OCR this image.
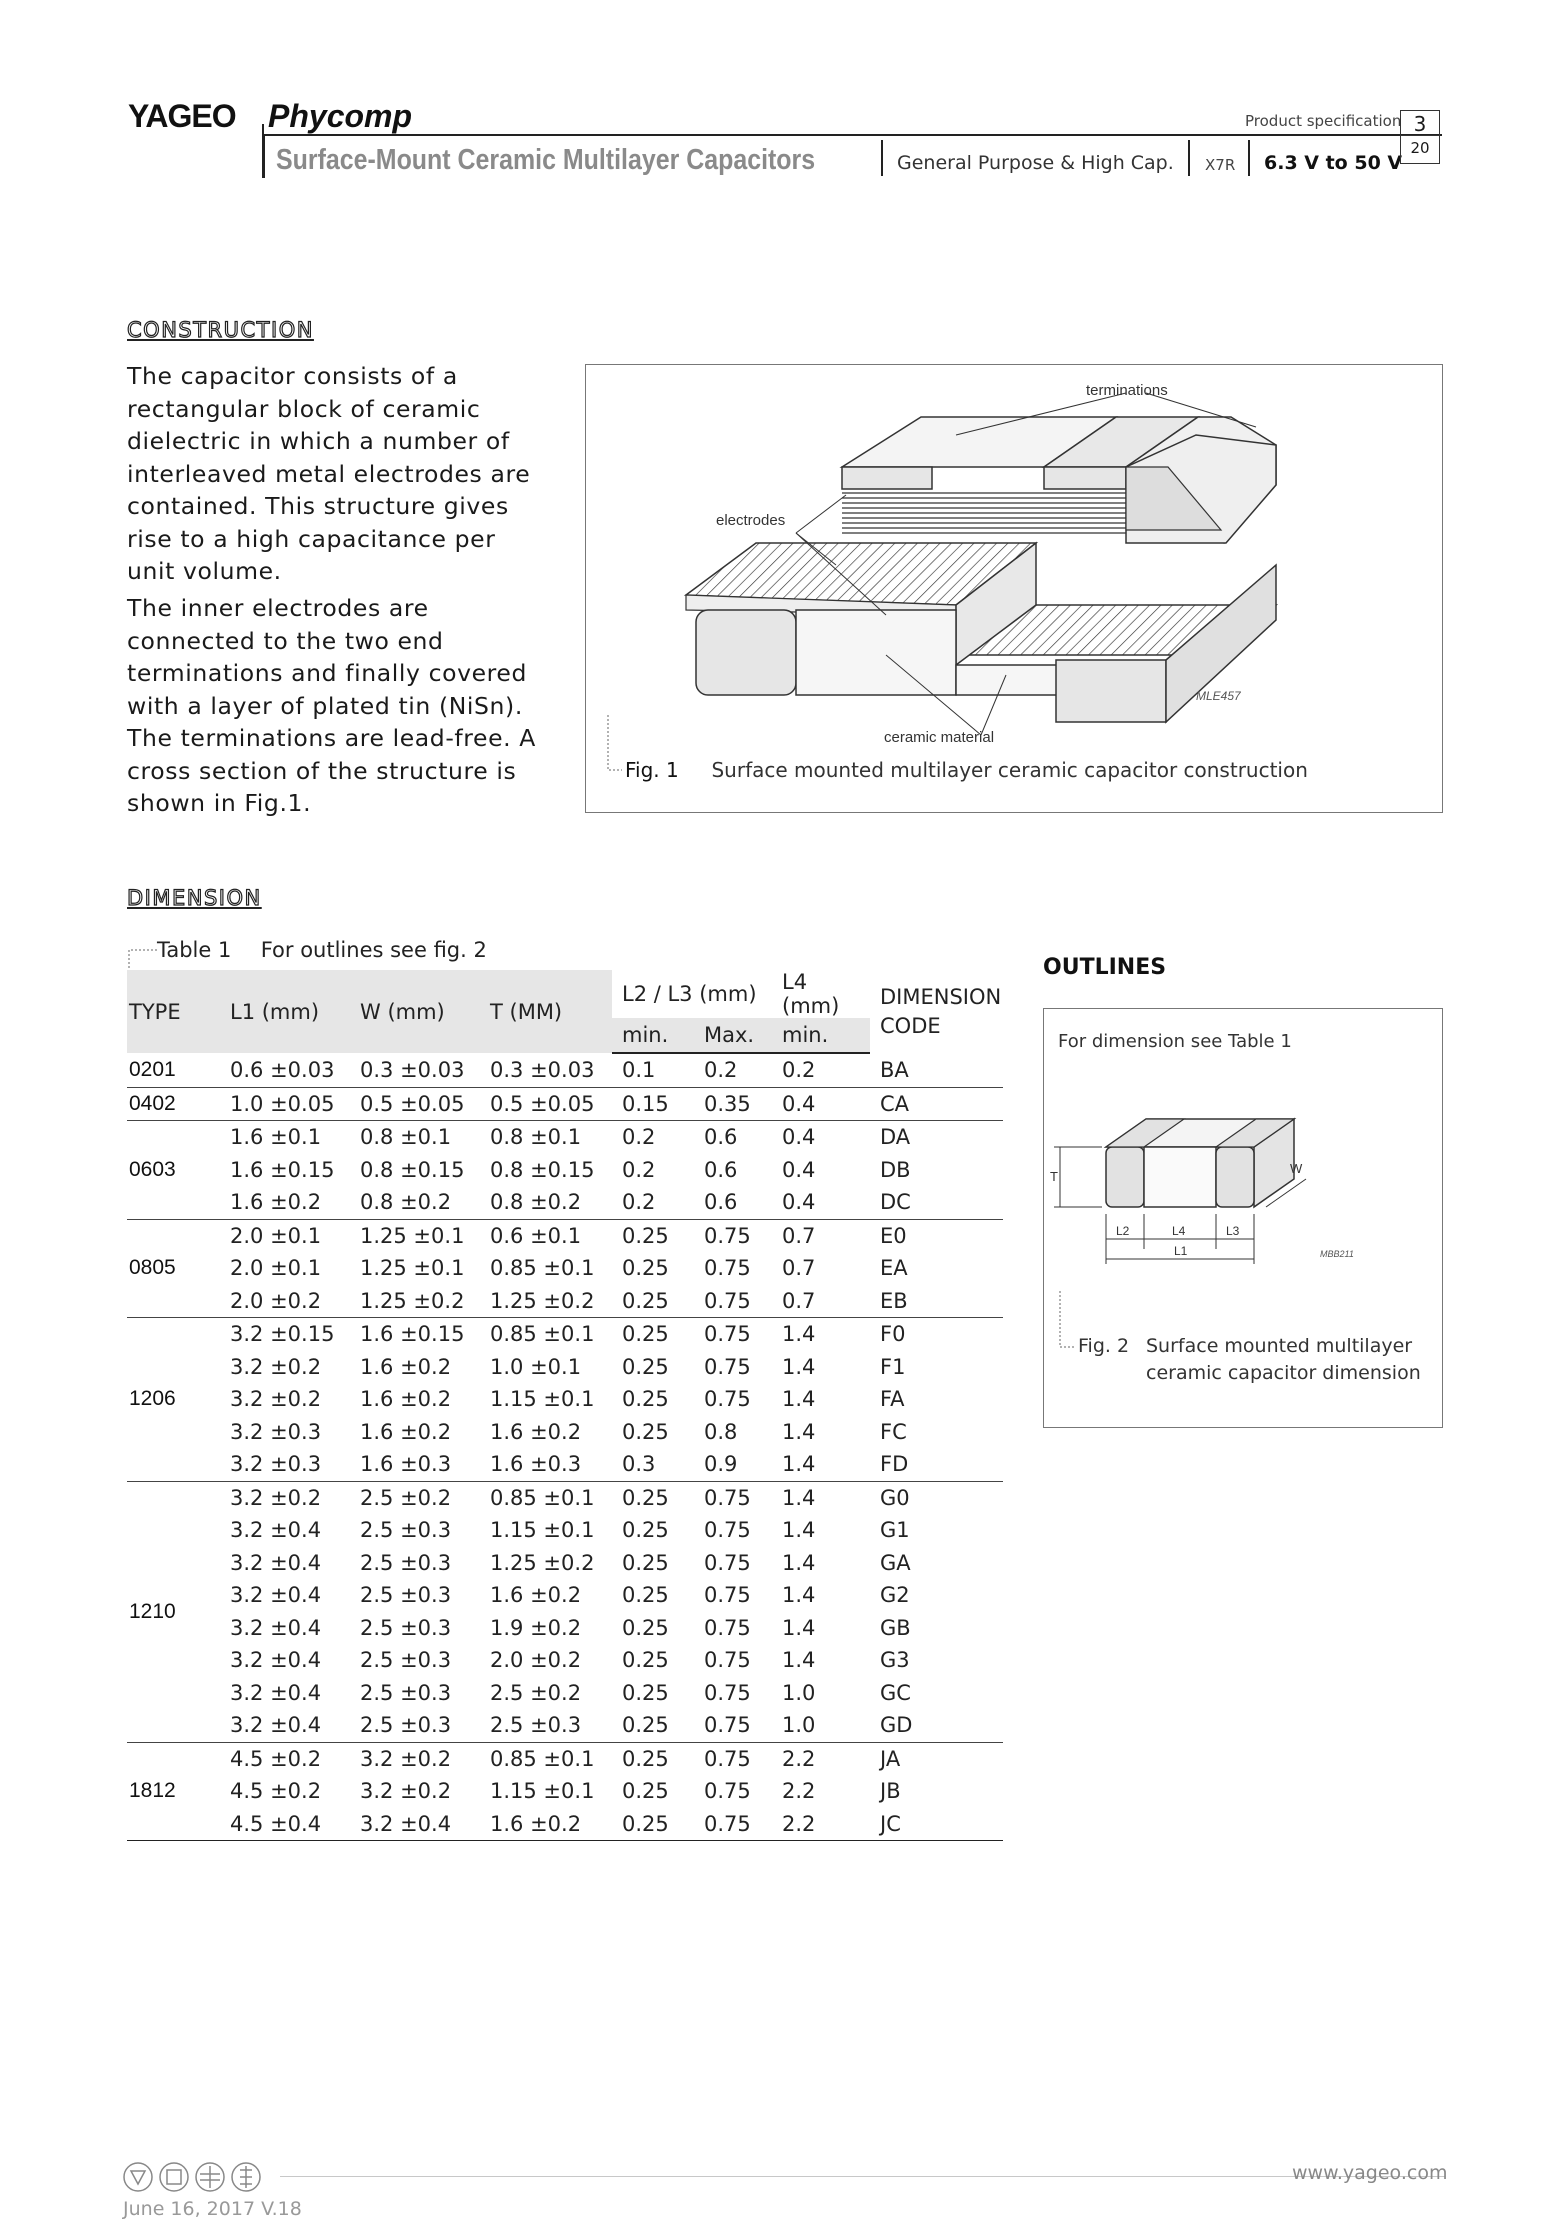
YAGEO Phycomp
Surface-Mount Ceramic Multilayer Capacitors	General Purpose & High Cap. X7R 6.3 V to 50 V
Product specification 3
20
CONSTRUCTION
The capacitor consists of a rectangular block of ceramic dielectric in which a number of interleaved metal electrodes are contained. This structure gives rise to a high capacitance per unit volume.
The inner electrodes are connected to the two end terminations and finally covered with a layer of plated tin (NiSn). The terminations are lead-free. A cross section of the structure is shown in Fig.1.
terminations
electrodes
ceramic material
MLE457
Fig. 1 Surface mounted multilayer ceramic capacitor construction
DIMENSION
Table 1 For outlines see fig. 2
TYPE	L1 (mm)	W (mm)	T (MM)	L2 / L3 (mm)		L4 (mm)	DIMENSION CODE
				min.	Max.	min.	
0201	0.6 ±0.03	0.3 ±0.03	0.3 ±0.03	0.1	0.2	0.2	BA
0402	1.0 ±0.05	0.5 ±0.05	0.5 ±0.05	0.15	0.35	0.4	CA
0603	1.6 ±0.1	0.8 ±0.1	0.8 ±0.1	0.2	0.6	0.4	DA
	1.6 ±0.15	0.8 ±0.15	0.8 ±0.15	0.2	0.6	0.4	DB
	1.6 ±0.2	0.8 ±0.2	0.8 ±0.2	0.2	0.6	0.4	DC
0805	2.0 ±0.1	1.25 ±0.1	0.6 ±0.1	0.25	0.75	0.7	E0
	2.0 ±0.1	1.25 ±0.1	0.85 ±0.1	0.25	0.75	0.7	EA
	2.0 ±0.2	1.25 ±0.2	1.25 ±0.2	0.25	0.75	0.7	EB
1206	3.2 ±0.15	1.6 ±0.15	0.85 ±0.1	0.25	0.75	1.4	F0
	3.2 ±0.2	1.6 ±0.2	1.0 ±0.1	0.25	0.75	1.4	F1
	3.2 ±0.2	1.6 ±0.2	1.15 ±0.1	0.25	0.75	1.4	FA
	3.2 ±0.3	1.6 ±0.2	1.6 ±0.2	0.25	0.8	1.4	FC
	3.2 ±0.3	1.6 ±0.3	1.6 ±0.3	0.3	0.9	1.4	FD
1210	3.2 ±0.2	2.5 ±0.2	0.85 ±0.1	0.25	0.75	1.4	G0
	3.2 ±0.4	2.5 ±0.3	1.15 ±0.1	0.25	0.75	1.4	G1
	3.2 ±0.4	2.5 ±0.3	1.25 ±0.2	0.25	0.75	1.4	GA
	3.2 ±0.4	2.5 ±0.3	1.6 ±0.2	0.25	0.75	1.4	G2
	3.2 ±0.4	2.5 ±0.3	1.9 ±0.2	0.25	0.75	1.4	GB
	3.2 ±0.4	2.5 ±0.3	2.0 ±0.2	0.25	0.75	1.4	G3
	3.2 ±0.4	2.5 ±0.3	2.5 ±0.2	0.25	0.75	1.0	GC
	3.2 ±0.4	2.5 ±0.3	2.5 ±0.3	0.25	0.75	1.0	GD
1812	4.5 ±0.2	3.2 ±0.2	0.85 ±0.1	0.25	0.75	2.2	JA
	4.5 ±0.2	3.2 ±0.2	1.15 ±0.1	0.25	0.75	2.2	JB
	4.5 ±0.4	3.2 ±0.4	1.6 ±0.2	0.25	0.75	2.2	JC
OUTLINES
For dimension see Table 1
T
W
L2	L4	L3
L1	MBB211
Fig. 2 Surface mounted multilayer
ceramic capacitor dimension
www.yageo.com
June 16, 2017 V.18
